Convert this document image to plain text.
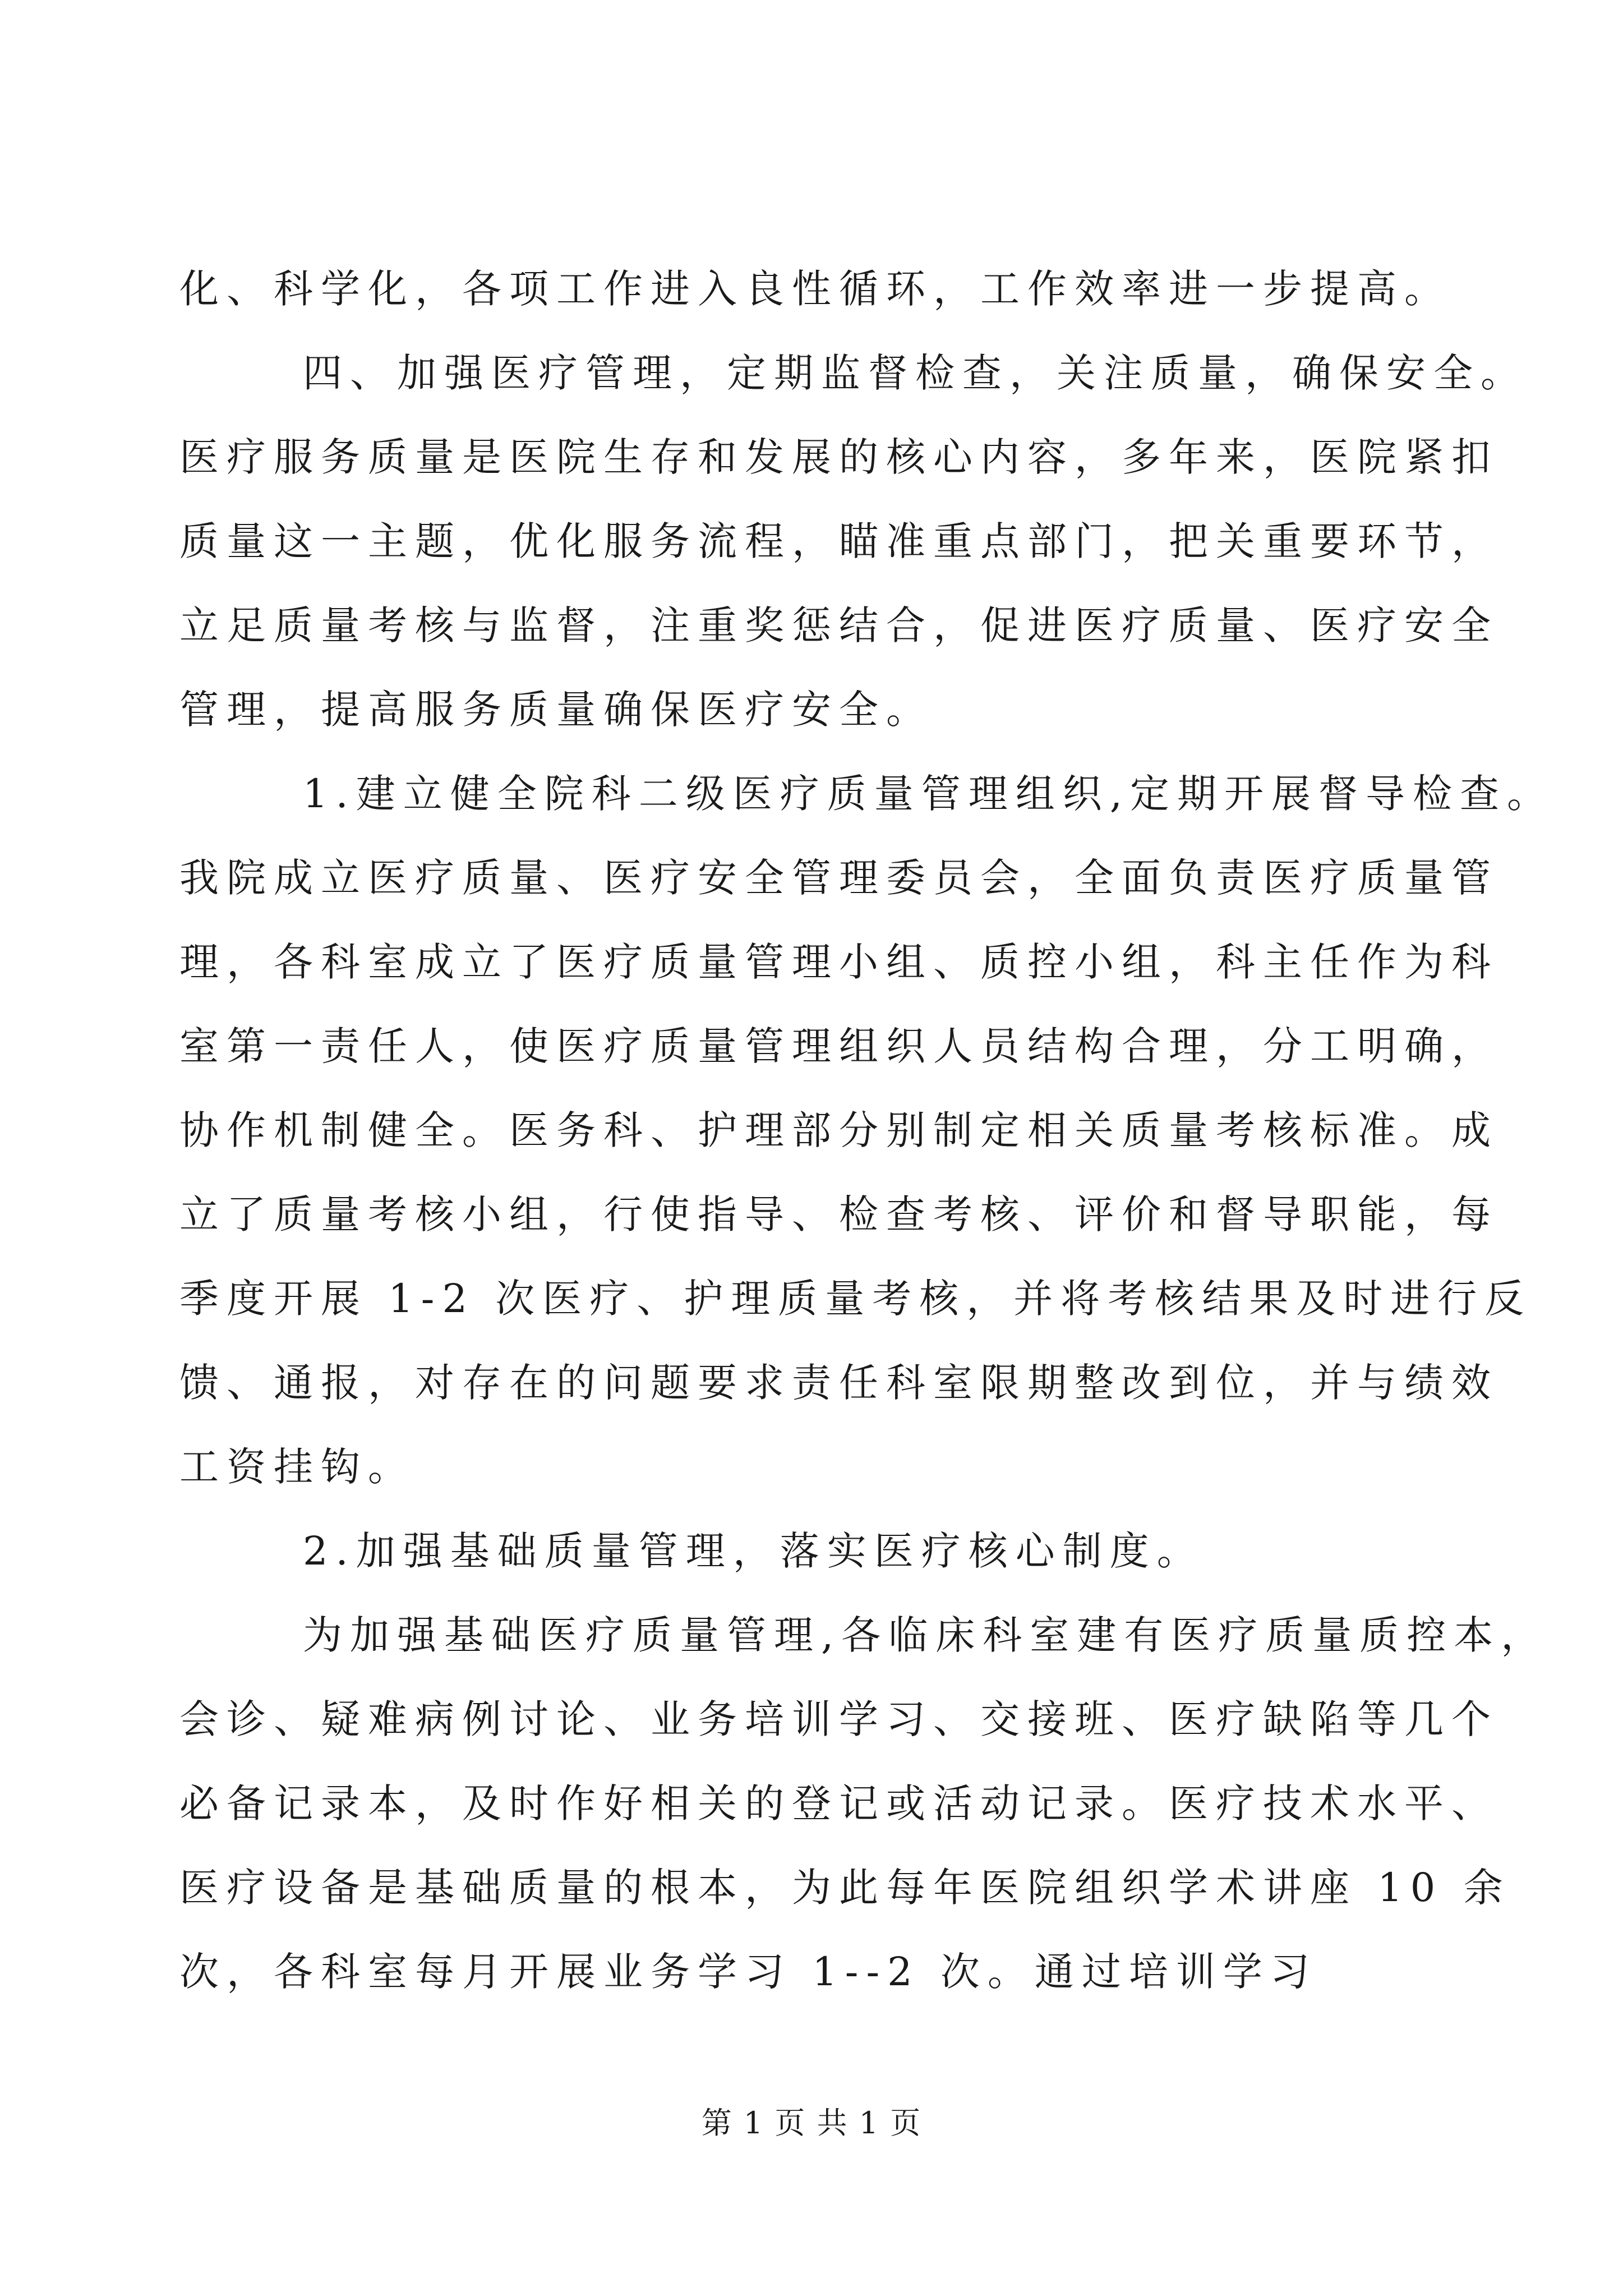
化、科学化，各项工作进入良性循环，工作效率进一步提高。
四、加强医疗管理，定期监督检查，关注质量，确保安全。
医疗服务质量是医院生存和发展的核心内容，多年来，医院紧扣
质量这一主题，优化服务流程，瞄准重点部门，把关重要环节，
立足质量考核与监督，注重奖惩结合，促进医疗质量、医疗安全
管理，提高服务质量确保医疗安全。
1.建立健全院科二级医疗质量管理组织,定期开展督导检查。
我院成立医疗质量、医疗安全管理委员会，全面负责医疗质量管
理，各科室成立了医疗质量管理小组、质控小组，科主任作为科
室第一责任人，使医疗质量管理组织人员结构合理，分工明确，
协作机制健全。医务科、护理部分别制定相关质量考核标准。成
立了质量考核小组，行使指导、检查考核、评价和督导职能，每
季度开展 1-2 次医疗、护理质量考核，并将考核结果及时进行反
馈、通报，对存在的问题要求责任科室限期整改到位，并与绩效
工资挂钩。
2.加强基础质量管理，落实医疗核心制度。
为加强基础医疗质量管理,各临床科室建有医疗质量质控本，
会诊、疑难病例讨论、业务培训学习、交接班、医疗缺陷等几个
必备记录本，及时作好相关的登记或活动记录。医疗技术水平、
医疗设备是基础质量的根本，为此每年医院组织学术讲座 10 余
次，各科室每月开展业务学习 1--2 次。通过培训学习
第 1 页 共 1 页
